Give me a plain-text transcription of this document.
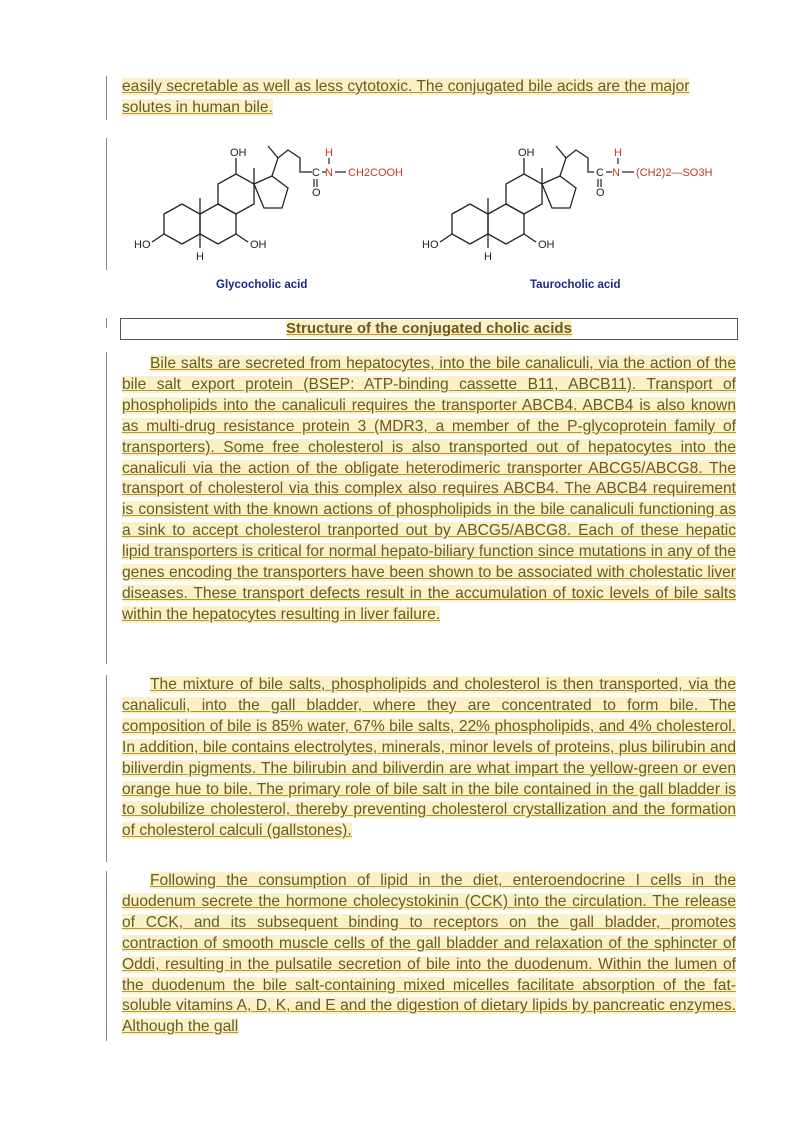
easily secretable as well as less cytotoxic. The conjugated bile acids are the major solutes in human bile.
OH
HO	OH
H
H
C N
O
CH2COOH
Glycocholic acid
OH
HO	OH
H
H
C N
O
(CH2)2—SO3H
Taurocholic acid
Structure of the conjugated cholic acids
Bile salts are secreted from hepatocytes, into the bile canaliculi, via the action of the bile salt export protein (BSEP: ATP-binding cassette B11, ABCB11). Transport of phospholipids into the canaliculi requires the transporter ABCB4. ABCB4 is also known as multi-drug resistance protein 3 (MDR3, a member of the P-glycoprotein family of transporters). Some free cholesterol is also transported out of hepatocytes into the canaliculi via the action of the obligate heterodimeric transporter ABCG5/ABCG8. The transport of cholesterol via this complex also requires ABCB4. The ABCB4 requirement is consistent with the known actions of phospholipids in the bile canaliculi functioning as a sink to accept cholesterol tranported out by ABCG5/ABCG8. Each of these hepatic lipid transporters is critical for normal hepato-biliary function since mutations in any of the genes encoding the transporters have been shown to be associated with cholestatic liver diseases. These transport defects result in the accumulation of toxic levels of bile salts within the hepatocytes resulting in liver failure.
The mixture of bile salts, phospholipids and cholesterol is then transported, via the canaliculi, into the gall bladder, where they are concentrated to form bile. The composition of bile is 85% water, 67% bile salts, 22% phospholipids, and 4% cholesterol. In addition, bile contains electrolytes, minerals, minor levels of proteins, plus bilirubin and biliverdin pigments. The bilirubin and biliverdin are what impart the yellow-green or even orange hue to bile. The primary role of bile salt in the bile contained in the gall bladder is to solubilize cholesterol, thereby preventing cholesterol crystallization and the formation of cholesterol calculi (gallstones).
Following the consumption of lipid in the diet, enteroendocrine I cells in the duodenum secrete the hormone cholecystokinin (CCK) into the circulation. The release of CCK, and its subsequent binding to receptors on the gall bladder, promotes contraction of smooth muscle cells of the gall bladder and relaxation of the sphincter of Oddi, resulting in the pulsatile secretion of bile into the duodenum. Within the lumen of the duodenum the bile salt-containing mixed micelles facilitate absorption of the fat-soluble vitamins A, D, K, and E and the digestion of dietary lipids by pancreatic enzymes. Although the gall
